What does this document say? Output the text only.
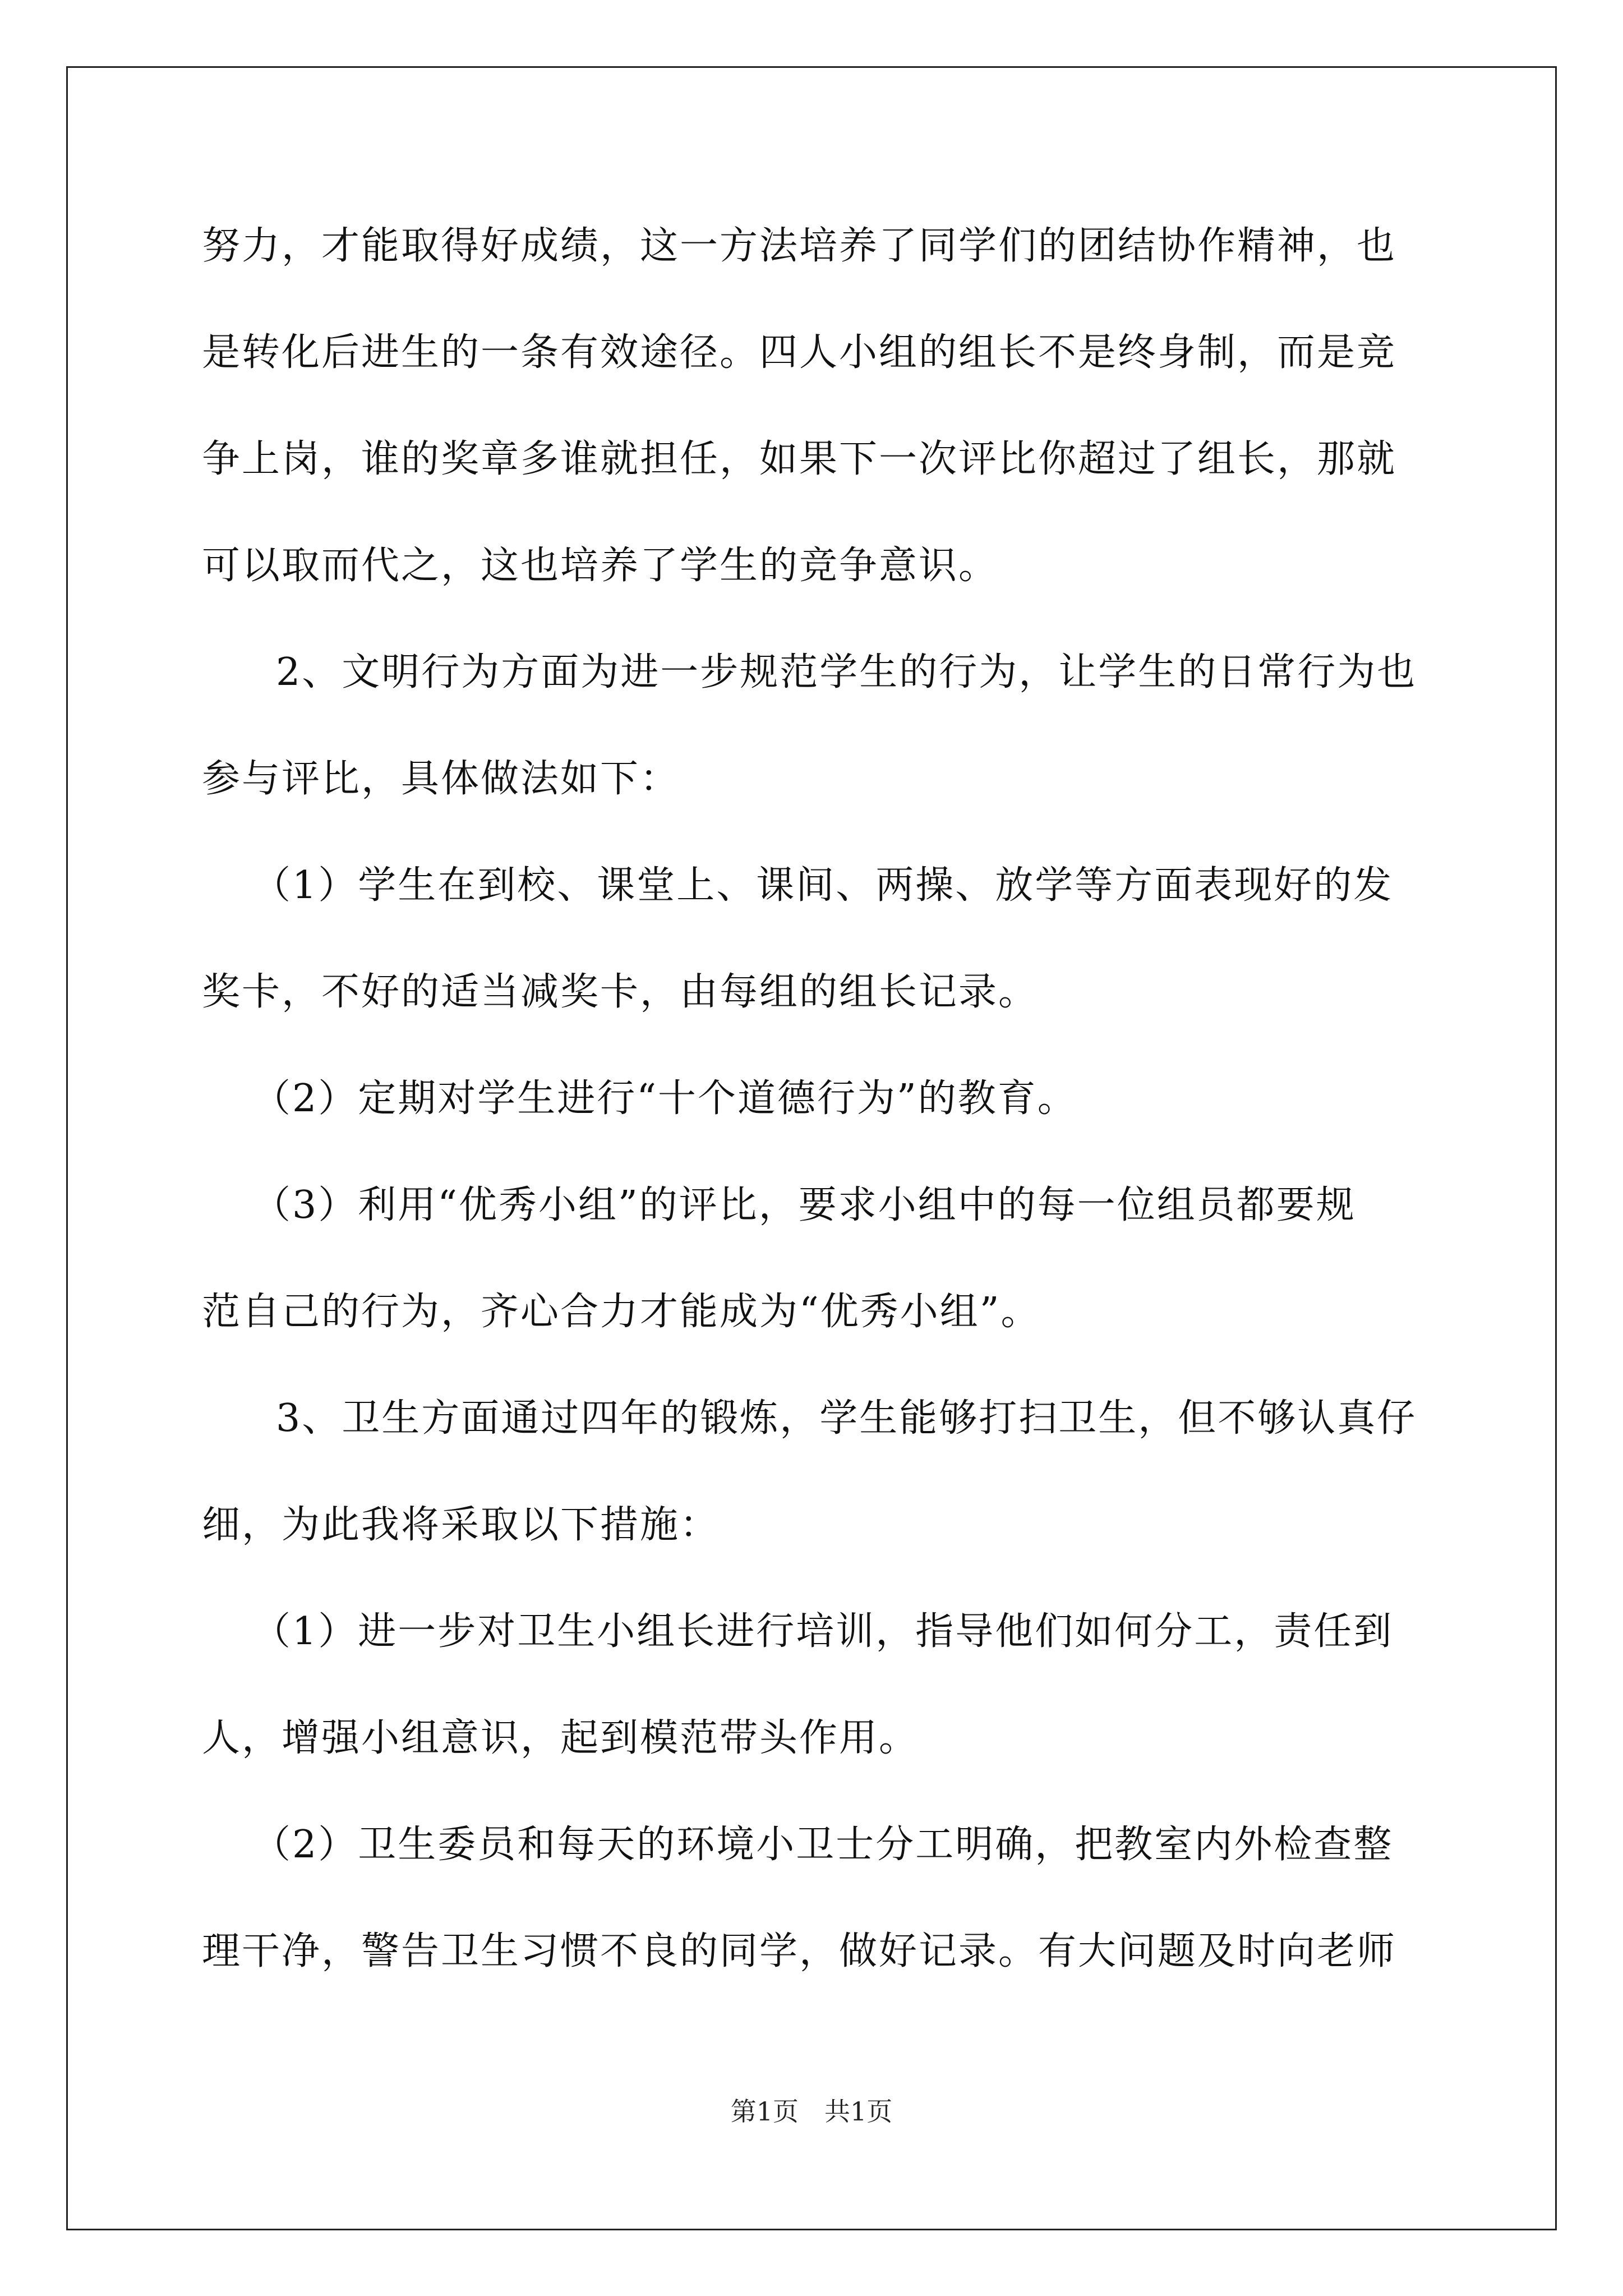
努力，才能取得好成绩，这一方法培养了同学们的团结协作精神，也
是转化后进生的一条有效途径。四人小组的组长不是终身制，而是竞
争上岗，谁的奖章多谁就担任，如果下一次评比你超过了组长，那就
可以取而代之，这也培养了学生的竞争意识。
2、文明行为方面为进一步规范学生的行为，让学生的日常行为也
参与评比，具体做法如下：
（1）学生在到校、课堂上、课间、两操、放学等方面表现好的发
奖卡，不好的适当减奖卡，由每组的组长记录。
（2）定期对学生进行“十个道德行为”的教育。
（3）利用“优秀小组”的评比，要求小组中的每一位组员都要规
范自己的行为，齐心合力才能成为“优秀小组”。
3、卫生方面通过四年的锻炼，学生能够打扫卫生，但不够认真仔
细，为此我将采取以下措施：
（1）进一步对卫生小组长进行培训，指导他们如何分工，责任到
人，增强小组意识，起到模范带头作用。
（2）卫生委员和每天的环境小卫士分工明确，把教室内外检查整
理干净，警告卫生习惯不良的同学，做好记录。有大问题及时向老师
第1页　共1页
